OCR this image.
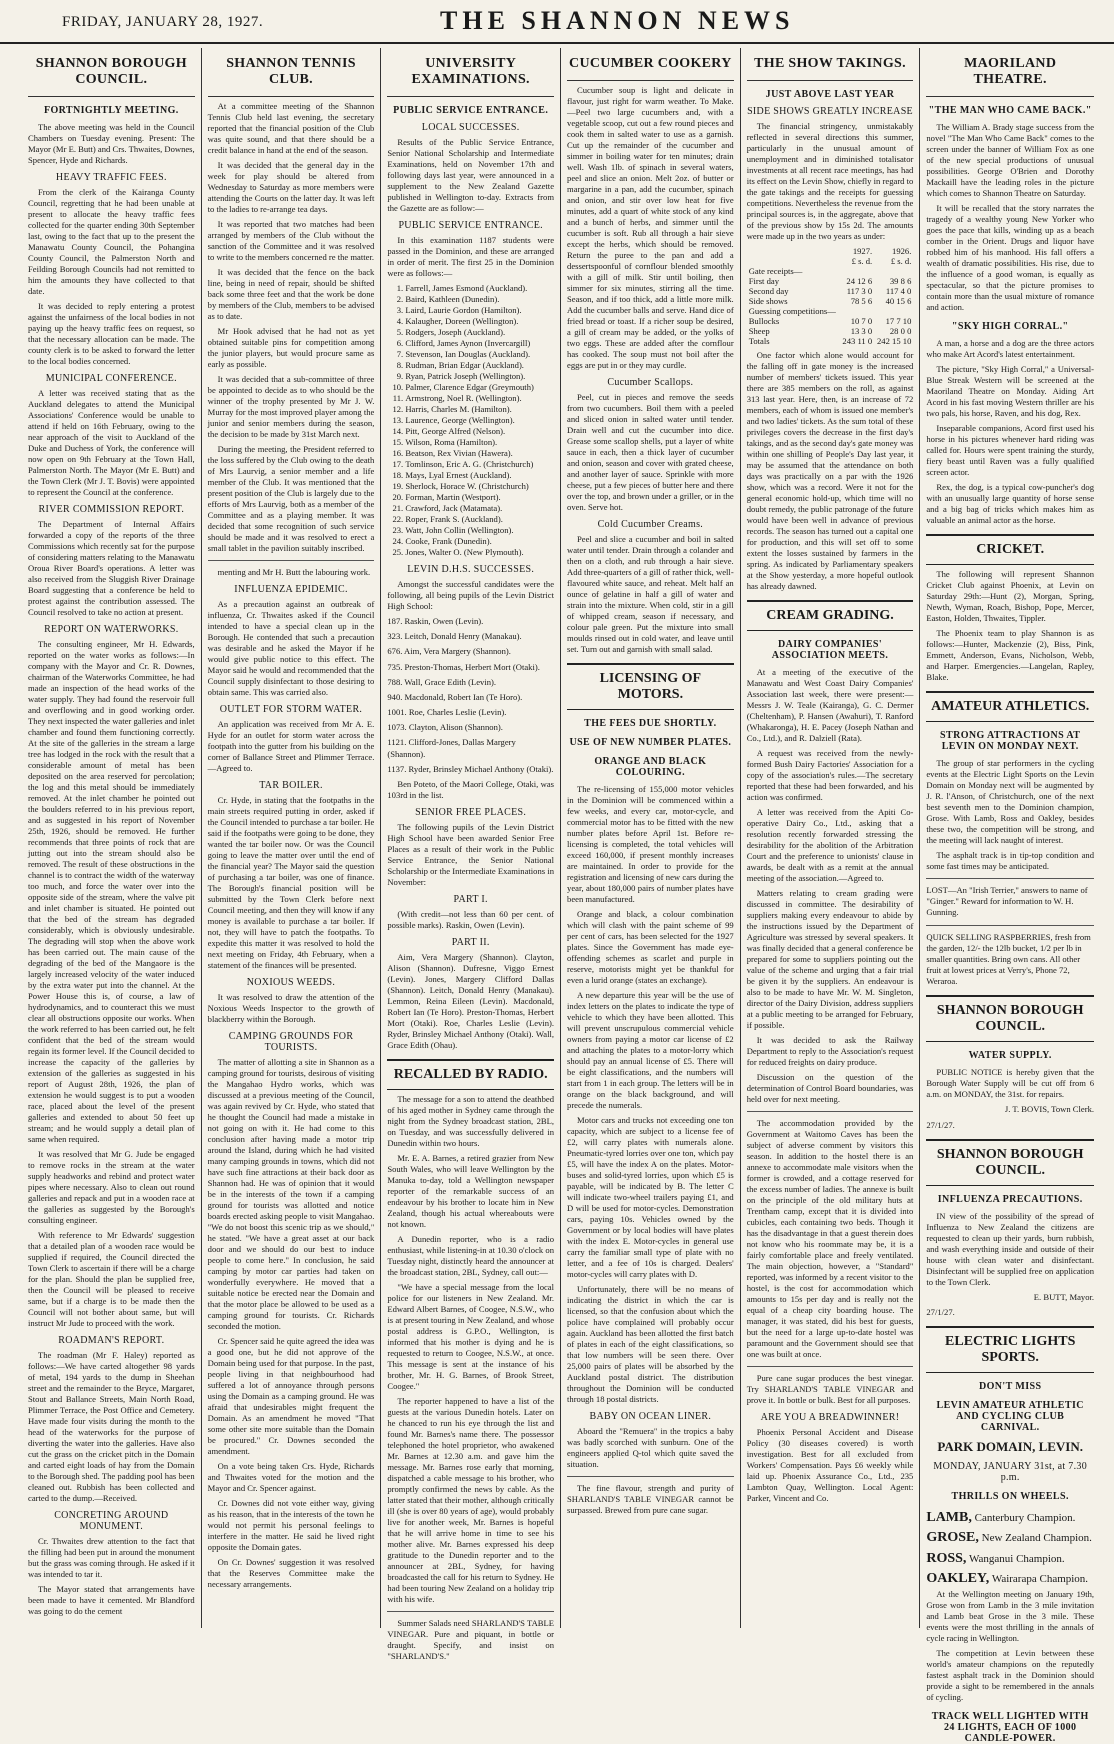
FRIDAY, JANUARY 28, 1927.	THE SHANNON NEWS
SHANNON BOROUGH COUNCIL.
FORTNIGHTLY MEETING.

The above meeting was held in the Council Chambers on Tuesday evening. Present: The Mayor (Mr E. Butt) and Crs. Thwaites, Downes, Spencer, Hyde and Richards.

HEAVY TRAFFIC FEES.

From the clerk of the Kairanga County Council, regretting that he had been unable at present to allocate the heavy traffic fees collected for the quarter ending 30th September last, owing to the fact that up to the present the Manawatu County Council, the Pohangina County Council, the Palmerston North and Feilding Borough Councils had not remitted to him the amounts they have collected to that date.

It was decided to reply entering a protest against the unfairness of the local bodies in not paying up the heavy traffic fees on request, so that the necessary allocation can be made. The county clerk is to be asked to forward the letter to the local bodies concerned.

MUNICIPAL CONFERENCE.

A letter was received stating that as the Auckland delegates to attend the Municipal Associations' Conference would be unable to attend if held on 16th February, owing to the near approach of the visit to Auckland of the Duke and Duchess of York, the conference will now open on 9th February at the Town Hall, Palmerston North. The Mayor (Mr E. Butt) and the Town Clerk (Mr J. T. Bovis) were appointed to represent the Council at the conference.

RIVER COMMISSION REPORT.

The Department of Internal Affairs forwarded a copy of the reports of the three Commissions which recently sat for the purpose of considering matters relating to the Manawatu Oroua River Board's operations. A letter was also received from the Sluggish River Drainage Board suggesting that a conference be held to protest against the contribution assessed. The Council resolved to take no action at present.

REPORT ON WATERWORKS.

The consulting engineer, Mr H. Edwards, reported on the water works as follows:—In company with the Mayor and Cr. R. Downes, chairman of the Waterworks Committee, he had made an inspection of the head works of the water supply. They had found the reservoir full and overflowing and in good working order. They next inspected the water galleries and inlet chamber and found them functioning correctly. At the site of the galleries in the stream a large tree has lodged in the rock with the result that a considerable amount of metal has been deposited on the area reserved for percolation; the log and this metal should be immediately removed. At the inlet chamber he pointed out the boulders referred to in his previous report, and as suggested in his report of November 25th, 1926, should be removed. He further recommends that three points of rock that are jutting out into the stream should also be removed. The result of these obstructions in the channel is to contract the width of the waterway too much, and force the water over into the opposite side of the stream, where the valve pit and inlet chamber is situated. He pointed out that the bed of the stream has degraded considerably, which is obviously undesirable. The degrading will stop when the above work has been carried out. The main cause of the degrading of the bed of the Mangaore is the largely increased velocity of the water induced by the extra water put into the channel. At the Power House this is, of course, a law of hydrodynamics, and to counteract this we must clear all obstructions opposite our works. When the work referred to has been carried out, he felt confident that the bed of the stream would regain its former level. If the Council decided to increase the capacity of the galleries by extension of the galleries as suggested in his report of August 28th, 1926, the plan of extension he would suggest is to put a wooden race, placed about the level of the present galleries and extended to about 50 feet up stream; and he would supply a detail plan of same when required.

It was resolved that Mr G. Jude be engaged to remove rocks in the stream at the water supply headworks and rebind and protect water pipes where necessary. Also to clean out round galleries and repack and put in a wooden race at the galleries as suggested by the Borough's consulting engineer.

With reference to Mr Edwards' suggestion that a detailed plan of a wooden race would be supplied if required, the Council directed the Town Clerk to ascertain if there will be a charge for the plan. Should the plan be supplied free, then the Council will be pleased to receive same, but if a charge is to be made then the Council will not bother about same, but will instruct Mr Jude to proceed with the work.

ROADMAN'S REPORT.

The roadman (Mr F. Haley) reported as follows:—We have carted altogether 98 yards of metal, 194 yards to the dump in Sheehan street and the remainder to the Bryce, Margaret, Stout and Ballance Streets, Main North Road, Plimmer Terrace, the Post Office and Cemetery. Have made four visits during the month to the head of the waterworks for the purpose of diverting the water into the galleries. Have also cut the grass on the cricket pitch in the Domain and carted eight loads of hay from the Domain to the Borough shed. The padding pool has been cleaned out. Rubbish has been collected and carted to the dump.—Received.

CONCRETING AROUND MONUMENT.

Cr. Thwaites drew attention to the fact that the filling had been put in around the monument but the grass was coming through. He asked if it was intended to tar it.

The Mayor stated that arrangements have been made to have it cemented. Mr Blandford was going to do the cement

SHANNON TENNIS CLUB.

At a committee meeting of the Shannon Tennis Club held last evening, the secretary reported that the financial position of the Club was quite sound, and that there should be a credit balance in hand at the end of the season.

It was decided that the general day in the week for play should be altered from Wednesday to Saturday as more members were attending the Courts on the latter day. It was left to the ladies to re-arrange tea days.

It was reported that two matches had been arranged by members of the Club without the sanction of the Committee and it was resolved to write to the members concerned re the matter.

It was decided that the fence on the back line, being in need of repair, should be shifted back some three feet and that the work be done by members of the Club, members to be advised as to date.

Mr Hook advised that he had not as yet obtained suitable pins for competition among the junior players, but would procure same as early as possible.

It was decided that a sub-committee of three be appointed to decide as to who should be the winner of the trophy presented by Mr J. W. Murray for the most improved player among the junior and senior members during the season, the decision to be made by 31st March next.

During the meeting, the President referred to the loss suffered by the Club owing to the death of Mrs Laurvig, a senior member and a life member of the Club. It was mentioned that the present position of the Club is largely due to the efforts of Mrs Laurvig, both as a member of the Committee and as a playing member. It was decided that some recognition of such service should be made and it was resolved to erect a small tablet in the pavilion suitably inscribed.

menting and Mr H. Butt the labouring work.

INFLUENZA EPIDEMIC.

As a precaution against an outbreak of influenza, Cr. Thwaites asked if the Council intended to have a special clean up in the Borough. He contended that such a precaution was desirable and he asked the Mayor if he would give public notice to this effect. The Mayor said he would and recommended that the Council supply disinfectant to those desiring to obtain same. This was carried also.

OUTLET FOR STORM WATER.

An application was received from Mr A. E. Hyde for an outlet for storm water across the footpath into the gutter from his building on the corner of Ballance Street and Plimmer Terrace.—Agreed to.

TAR BOILER.

Cr. Hyde, in stating that the footpaths in the main streets required putting in order, asked if the Council intended to purchase a tar boiler. He said if the footpaths were going to be done, they wanted the tar boiler now. Or was the Council going to leave the matter over until the end of the financial year? The Mayor said the question of purchasing a tar boiler, was one of finance. The Borough's financial position will be submitted by the Town Clerk before next Council meeting, and then they will know if any money is available to purchase a tar boiler. If not, they will have to patch the footpaths. To expedite this matter it was resolved to hold the next meeting on Friday, 4th February, when a statement of the finances will be presented.

NOXIOUS WEEDS.

It was resolved to draw the attention of the Noxious Weeds Inspector to the growth of blackberry within the Borough.

CAMPING GROUNDS FOR TOURISTS.

The matter of allotting a site in Shannon as a camping ground for tourists, desirous of visiting the Mangahao Hydro works, which was discussed at a previous meeting of the Council, was again revived by Cr. Hyde, who stated that he thought the Council had made a mistake in not going on with it. He had come to this conclusion after having made a motor trip around the Island, during which he had visited many camping grounds in towns, which did not have such fine attractions at their back door as Shannon had. He was of opinion that it would be in the interests of the town if a camping ground for tourists was allotted and notice boards erected asking people to visit Mangahao. "We do not boost this scenic trip as we should," he stated. "We have a great asset at our back door and we should do our best to induce people to come here." In conclusion, he said camping by motor car parties had taken on wonderfully everywhere. He moved that a suitable notice be erected near the Domain and that the motor place be allowed to be used as a camping ground for tourists. Cr. Richards seconded the motion.

Cr. Spencer said he quite agreed the idea was a good one, but he did not approve of the Domain being used for that purpose. In the past, people living in that neighbourhood had suffered a lot of annoyance through persons using the Domain as a camping ground. He was afraid that undesirables might frequent the Domain. As an amendment he moved "That some other site more suitable than the Domain be procured." Cr. Downes seconded the amendment.

On a vote being taken Crs. Hyde, Richards and Thwaites voted for the motion and the Mayor and Cr. Spencer against.

Cr. Downes did not vote either way, giving as his reason, that in the interests of the town he would not permit his personal feelings to interfere in the matter. He said he lived right opposite the Domain gates.

On Cr. Downes' suggestion it was resolved that the Reserves Committee make the necessary arrangements.

UNIVERSITY EXAMINATIONS.
PUBLIC SERVICE ENTRANCE.
LOCAL SUCCESSES.

Results of the Public Service Entrance, Senior National Scholarship and Intermediate Examinations, held on November 17th and following days last year, were announced in a supplement to the New Zealand Gazette published in Wellington to-day. Extracts from the Gazette are as follow:—

PUBLIC SERVICE ENTRANCE.

In this examination 1187 students were passed in the Dominion, and these are arranged in order of merit. The first 25 in the Dominion were as follows:—

1. Farrell, James Esmond (Auckland).
2. Baird, Kathleen (Dunedin).
3. Laird, Laurie Gordon (Hamilton).
4. Kalaugher, Doreen (Wellington).
5. Rodgers, Joseph (Auckland).
6. Clifford, James Aynon (Invercargill)
7. Stevenson, Ian Douglas (Auckland).
8. Rudman, Brian Edgar (Auckland).
9. Ryan, Patrick Joseph (Wellington).
10. Palmer, Clarence Edgar (Greymouth)
11. Armstrong, Noel R. (Wellington).
12. Harris, Charles M. (Hamilton).
13. Laurence, George (Wellington).
14. Pitt, George Alfred (Nelson).
15. Wilson, Roma (Hamilton).
16. Beatson, Rex Vivian (Hawera).
17. Tomlinson, Eric A. G. (Christchurch)
18. Mays, Lyal Ernest (Auckland).
19. Sherlock, Horace W. (Christchurch)
20. Forman, Martin (Westport).
21. Crawford, Jack (Matamata).
22. Roper, Frank S. (Auckland).
23. Watt, John Collin (Wellington).
24. Cooke, Frank (Dunedin).
25. Jones, Walter O. (New Plymouth).
LEVIN D.H.S. SUCCESSES.

Amongst the successful candidates were the following, all being pupils of the Levin District High School:

187. Raskin, Owen (Levin).
323. Leitch, Donald Henry (Manakau).
676. Aim, Vera Margery (Shannon).
735. Preston-Thomas, Herbert Mort (Otaki).
788. Wall, Grace Edith (Levin).
940. Macdonald, Robert Ian (Te Horo).
1001. Roe, Charles Leslie (Levin).
1073. Clayton, Alison (Shannon).
1121. Clifford-Jones, Dallas Margery (Shannon).
1137. Ryder, Brinsley Michael Anthony (Otaki).

Ben Poteto, of the Maori College, Otaki, was 103rd in the list.

SENIOR FREE PLACES.

The following pupils of the Levin District High School have been awarded Senior Free Places as a result of their work in the Public Service Entrance, the Senior National Scholarship or the Intermediate Examinations in November:

PART I.

(With credit—not less than 60 per cent. of possible marks). Raskin, Owen (Levin).

PART II.

Aim, Vera Margery (Shannon). Clayton, Alison (Shannon). Dufresne, Viggo Ernest (Levin). Jones, Margery Clifford Dallas (Shannon). Leitch, Donald Henry (Manakau). Lemmon, Reina Eileen (Levin). Macdonald, Robert Ian (Te Horo). Preston-Thomas, Herbert Mort (Otaki). Roe, Charles Leslie (Levin). Ryder, Brinsley Michael Anthony (Otaki). Wall, Grace Edith (Ohau).

RECALLED BY RADIO.

The message for a son to attend the deathbed of his aged mother in Sydney came through the night from the Sydney broadcast station, 2BL, on Tuesday, and was successfully delivered in Dunedin within two hours.

Mr. E. A. Barnes, a retired grazier from New South Wales, who will leave Wellington by the Manuka to-day, told a Wellington newspaper reporter of the remarkable success of an endeavour by his brother to locate him in New Zealand, though his actual whereabouts were not known.

A Dunedin reporter, who is a radio enthusiast, while listening-in at 10.30 o'clock on Tuesday night, distinctly heard the announcer at the broadcast station, 2BL, Sydney, call out:—

"We have a special message from the local police for our listeners in New Zealand. Mr. Edward Albert Barnes, of Coogee, N.S.W., who is at present touring in New Zealand, and whose postal address is G.P.O., Wellington, is informed that his mother is dying and he is requested to return to Coogee, N.S.W., at once. This message is sent at the instance of his brother, Mr. H. G. Barnes, of Brook Street, Coogee."

The reporter happened to have a list of the guests at the various Dunedin hotels. Later on he chanced to run his eye through the list and found Mr. Barnes's name there. The possessor telephoned the hotel proprietor, who awakened Mr. Barnes at 12.30 a.m. and gave him the message. Mr. Barnes rose early that morning, dispatched a cable message to his brother, who promptly confirmed the news by cable. As the latter stated that their mother, although critically ill (she is over 80 years of age), would probably live for another week, Mr. Barnes is hopeful that he will arrive home in time to see his mother alive. Mr. Barnes expressed his deep gratitude to the Dunedin reporter and to the announcer at 2BL, Sydney, for having broadcasted the call for his return to Sydney. He had been touring New Zealand on a holiday trip with his wife.

Summer Salads need SHARLAND'S TABLE VINEGAR. Pure and piquant, in bottle or draught. Specify, and insist on "SHARLAND'S."

CUCUMBER COOKERY

Cucumber soup is light and delicate in flavour, just right for warm weather. To Make.—Peel two large cucumbers and, with a vegetable scoop, cut out a few round pieces and cook them in salted water to use as a garnish. Cut up the remainder of the cucumber and simmer in boiling water for ten minutes; drain well. Wash 1lb. of spinach in several waters, peel and slice an onion. Melt 2oz. of butter or margarine in a pan, add the cucumber, spinach and onion, and stir over low heat for five minutes, add a quart of white stock of any kind and a bunch of herbs, and simmer until the cucumber is soft. Rub all through a hair sieve except the herbs, which should be removed. Return the puree to the pan and add a dessertspoonful of cornflour blended smoothly with a gill of milk. Stir until boiling, then simmer for six minutes, stirring all the time. Season, and if too thick, add a little more milk. Add the cucumber balls and serve. Hand dice of fried bread or toast. If a richer soup be desired, a gill of cream may be added, or the yolks of two eggs. These are added after the cornflour has cooked. The soup must not boil after the eggs are put in or they may curdle.

Cucumber Scallops.

Peel, cut in pieces and remove the seeds from two cucumbers. Boil them with a peeled and sliced onion in salted water until tender. Drain well and cut the cucumber into dice. Grease some scallop shells, put a layer of white sauce in each, then a thick layer of cucumber and onion, season and cover with grated cheese, and another layer of sauce. Sprinkle with more cheese, put a few pieces of butter here and there over the top, and brown under a griller, or in the oven. Serve hot.

Cold Cucumber Creams.

Peel and slice a cucumber and boil in salted water until tender. Drain through a colander and then on a cloth, and rub through a hair sieve. Add three-quarters of a gill of rather thick, well-flavoured white sauce, and reheat. Melt half an ounce of gelatine in half a gill of water and strain into the mixture. When cold, stir in a gill of whipped cream, season if necessary, and colour pale green. Put the mixture into small moulds rinsed out in cold water, and leave until set. Turn out and garnish with small salad.

LICENSING OF MOTORS.
THE FEES DUE SHORTLY.
USE OF NEW NUMBER PLATES.
ORANGE AND BLACK COLOURING.

The re-licensing of 155,000 motor vehicles in the Dominion will be commenced within a few weeks, and every car, motor-cycle, and commercial motor has to be fitted with the new number plates before April 1st. Before re-licensing is completed, the total vehicles will exceed 160,000, if present monthly increases are maintained. In order to provide for the registration and licensing of new cars during the year, about 180,000 pairs of number plates have been manufactured.

Orange and black, a colour combination which will clash with the paint scheme of 99 per cent of cars, has been selected for the 1927 plates. Since the Government has made eye-offending schemes as scarlet and purple in reserve, motorists might yet be thankful for even a lurid orange (states an exchange).

A new departure this year will be the use of index letters on the plates to indicate the type of vehicle to which they have been allotted. This will prevent unscrupulous commercial vehicle owners from paying a motor car license of £2 and attaching the plates to a motor-lorry which should pay an annual license of £5. There will be eight classifications, and the numbers will start from 1 in each group. The letters will be in orange on the black background, and will precede the numerals.

Motor cars and trucks not exceeding one ton capacity, which are subject to a license fee of £2, will carry plates with numerals alone. Pneumatic-tyred lorries over one ton, which pay £5, will have the index A on the plates. Motor-buses and solid-tyred lorries, upon which £5 is payable, will be indicated by B. The letter C will indicate two-wheel trailers paying £1, and D will be used for motor-cycles. Demonstration cars, paying 10s. Vehicles owned by the Government or by local bodies will have plates with the index E. Motor-cycles in general use carry the familiar small type of plate with no letter, and a fee of 10s is charged. Dealers' motor-cycles will carry plates with D.

Unfortunately, there will be no means of indicating the district in which the car is licensed, so that the confusion about which the police have complained will probably occur again. Auckland has been allotted the first batch of plates in each of the eight classifications, so that low numbers will be seen there. Over 25,000 pairs of plates will be absorbed by the Auckland postal district. The distribution throughout the Dominion will be conducted through 18 postal districts.

BABY ON OCEAN LINER.

Aboard the "Remuera" in the tropics a baby was badly scorched with sunburn. One of the engineers applied Q-tol which quite saved the situation.

The fine flavour, strength and purity of SHARLAND'S TABLE VINEGAR cannot be surpassed. Brewed from pure cane sugar.

THE SHOW TAKINGS.
JUST ABOVE LAST YEAR
SIDE SHOWS GREATLY INCREASE

The financial stringency, unmistakably reflected in several directions this summer, particularly in the unusual amount of unemployment and in diminished totalisator investments at all recent race meetings, has had its effect on the Levin Show, chiefly in regard to the gate takings and the receipts for guessing competitions. Nevertheless the revenue from the principal sources is, in the aggregate, above that of the previous show by 15s 2d. The amounts were made up in the two years as under:

	1927.	1926.
	£ s. d.	£ s. d.
Gate receipts—		
First day	24 12 6	39 8 6
Second day	117 3 0	117 4 0
Side shows	78 5 6	40 15 6
Guessing competitions—		
Bullocks	10 7 0	17 7 10
Sheep	13 3 0	28 0 0
Totals	243 11 0	242 15 10

One factor which alone would account for the falling off in gate money is the increased number of members' tickets issued. This year there are 385 members on the roll, as against 313 last year. Here, then, is an increase of 72 members, each of whom is issued one member's and two ladies' tickets. As the sum total of these privileges covers the decrease in the first day's takings, and as the second day's gate money was within one shilling of People's Day last year, it may be assumed that the attendance on both days was practically on a par with the 1926 show, which was a record. Were it not for the general economic hold-up, which time will no doubt remedy, the public patronage of the future would have been well in advance of previous records. The season has turned out a capital one for production, and this will set off to some extent the losses sustained by farmers in the spring. As indicated by Parliamentary speakers at the Show yesterday, a more hopeful outlook has already dawned.

CREAM GRADING.
DAIRY COMPANIES' ASSOCIATION MEETS.

At a meeting of the executive of the Manawatu and West Coast Dairy Companies' Association last week, there were present:—Messrs J. W. Teale (Kairanga), G. C. Dermer (Cheltenham), P. Hansen (Awahuri), T. Ranford (Whakaronga), H. E. Pacey (Joseph Nathan and Co., Ltd.), and R. Dalziell (Rata).

A request was received from the newly-formed Bush Dairy Factories' Association for a copy of the association's rules.—The secretary reported that these had been forwarded, and his action was confirmed.

A letter was received from the Apiti Co-operative Dairy Co., Ltd., asking that a resolution recently forwarded stressing the desirability for the abolition of the Arbitration Court and the preference to unionists' clause in awards, be dealt with as a remit at the annual meeting of the association.—Agreed to.

Matters relating to cream grading were discussed in committee. The desirability of suppliers making every endeavour to abide by the instructions issued by the Department of Agriculture was stressed by several speakers. It was finally decided that a general conference be prepared for some to suppliers pointing out the value of the scheme and urging that a fair trial be given it by the suppliers. An endeavour is also to be made to have Mr. W. M. Singleton, director of the Dairy Division, address suppliers at a public meeting to be arranged for February, if possible.

It was decided to ask the Railway Department to reply to the Association's request for reduced freights on dairy produce.

Discussion on the question of the determination of Control Board boundaries, was held over for next meeting.

The accommodation provided by the Government at Waitomo Caves has been the subject of adverse comment by visitors this season. In addition to the hostel there is an annexe to accommodate male visitors when the former is crowded, and a cottage reserved for the excess number of ladies. The annexe is built on the principle of the old military huts at Trentham camp, except that it is divided into cubicles, each containing two beds. Though it has the disadvantage in that a guest therein does not know who his roommate may be, it is a fairly comfortable place and freely ventilated. The main objection, however, a "Standard" reported, was informed by a recent visitor to the hostel, is the cost for accommodation which amounts to 15s per day and is really not the equal of a cheap city boarding house. The manager, it was stated, did his best for guests, but the need for a large up-to-date hostel was paramount and the Government should see that one was built at once.

Pure cane sugar produces the best vinegar. Try SHARLAND'S TABLE VINEGAR and prove it. In bottle or bulk. Best for all purposes.

ARE YOU A BREADWINNER!

Phoenix Personal Accident and Disease Policy (30 diseases covered) is worth investigation. Best for all excluded from Workers' Compensation. Pays £6 weekly while laid up. Phoenix Assurance Co., Ltd., 235 Lambton Quay, Wellington. Local Agent: Parker, Vincent and Co.

MAORILAND THEATRE.
"THE MAN WHO CAME BACK."

The William A. Brady stage success from the novel "The Man Who Came Back" comes to the screen under the banner of William Fox as one of the new special productions of unusual possibilities. George O'Brien and Dorothy Mackaill have the leading roles in the picture which comes to Shannon Theatre on Saturday.

It will be recalled that the story narrates the tragedy of a wealthy young New Yorker who goes the pace that kills, winding up as a beach comber in the Orient. Drugs and liquor have robbed him of his manhood. His fall offers a wealth of dramatic possibilities. His rise, due to the influence of a good woman, is equally as spectacular, so that the picture promises to contain more than the usual mixture of romance and action.

"SKY HIGH CORRAL."

A man, a horse and a dog are the three actors who make Art Acord's latest entertainment.

The picture, "Sky High Corral," a Universal-Blue Streak Western will be screened at the Maoriland Theatre on Monday. Aiding Art Acord in his fast moving Western thriller are his two pals, his horse, Raven, and his dog, Rex.

Inseparable companions, Acord first used his horse in his pictures whenever hard riding was called for. Hours were spent training the sturdy, fiery beast until Raven was a fully qualified screen actor.

Rex, the dog, is a typical cow-puncher's dog with an unusually large quantity of horse sense and a big bag of tricks which makes him as valuable an animal actor as the horse.

CRICKET.

The following will represent Shannon Cricket Club against Phoenix, at Levin on Saturday 29th:—Hunt (2), Morgan, Spring, Newth, Wyman, Roach, Bishop, Pope, Mercer, Easton, Holden, Thwaites, Tippler.

The Phoenix team to play Shannon is as follows:—Hunter, Mackenzie (2), Biss, Pink, Emmett, Anderson, Evans, Nicholson, Webb, and Harper. Emergencies.—Langelan, Rapley, Blake.

AMATEUR ATHLETICS.
STRONG ATTRACTIONS AT LEVIN ON MONDAY NEXT.

The group of star performers in the cycling events at the Electric Light Sports on the Levin Domain on Monday next will be augmented by J. R. l'Anson, of Christchurch, one of the next best seventh men to the Dominion champion, Grose. With Lamb, Ross and Oakley, besides these two, the competition will be strong, and the meeting will lack naught of interest.

The asphalt track is in tip-top condition and some fast times may be anticipated.

LOST—An "Irish Terrier," answers to name of "Ginger." Reward for information to W. H. Gunning.

QUICK SELLING RASPBERRIES, fresh from the garden, 12/- the 12lb bucket, 1/2 per lb in smaller quantities. Bring own cans. All other fruit at lowest prices at Verry's, Phone 72, Weraroa.

SHANNON BOROUGH COUNCIL.
WATER SUPPLY.

PUBLIC NOTICE is hereby given that the Borough Water Supply will be cut off from 6 a.m. on MONDAY, the 31st. for repairs.

J. T. BOVIS, Town Clerk.
27/1/27.
SHANNON BOROUGH COUNCIL.
INFLUENZA PRECAUTIONS.

IN view of the possibility of the spread of Influenza to New Zealand the citizens are requested to clean up their yards, burn rubbish, and wash everything inside and outside of their house with clean water and disinfectant. Disinfectant will be supplied free on application to the Town Clerk.

E. BUTT, Mayor.
27/1/27.
ELECTRIC LIGHTS SPORTS.
DON'T MISS
LEVIN AMATEUR ATHLETIC AND CYCLING CLUB CARNIVAL.
PARK DOMAIN, LEVIN.
MONDAY, JANUARY 31st, at 7.30 p.m.
THRILLS ON WHEELS.
LAMB, Canterbury Champion.
GROSE, New Zealand Champion.
ROSS, Wanganui Champion.
OAKLEY, Wairarapa Champion.

At the Wellington meeting on January 19th, Grose won from Lamb in the 3 mile invitation and Lamb beat Grose in the 3 mile. These events were the most thrilling in the annals of cycle racing in Wellington.

The competition at Levin between these world's amateur champions on the reputedly fastest asphalt track in the Dominion should provide a sight to be remembered in the annals of cycling.

TRACK WELL LIGHTED WITH 24 LIGHTS, EACH OF 1000 CANDLE-POWER.
